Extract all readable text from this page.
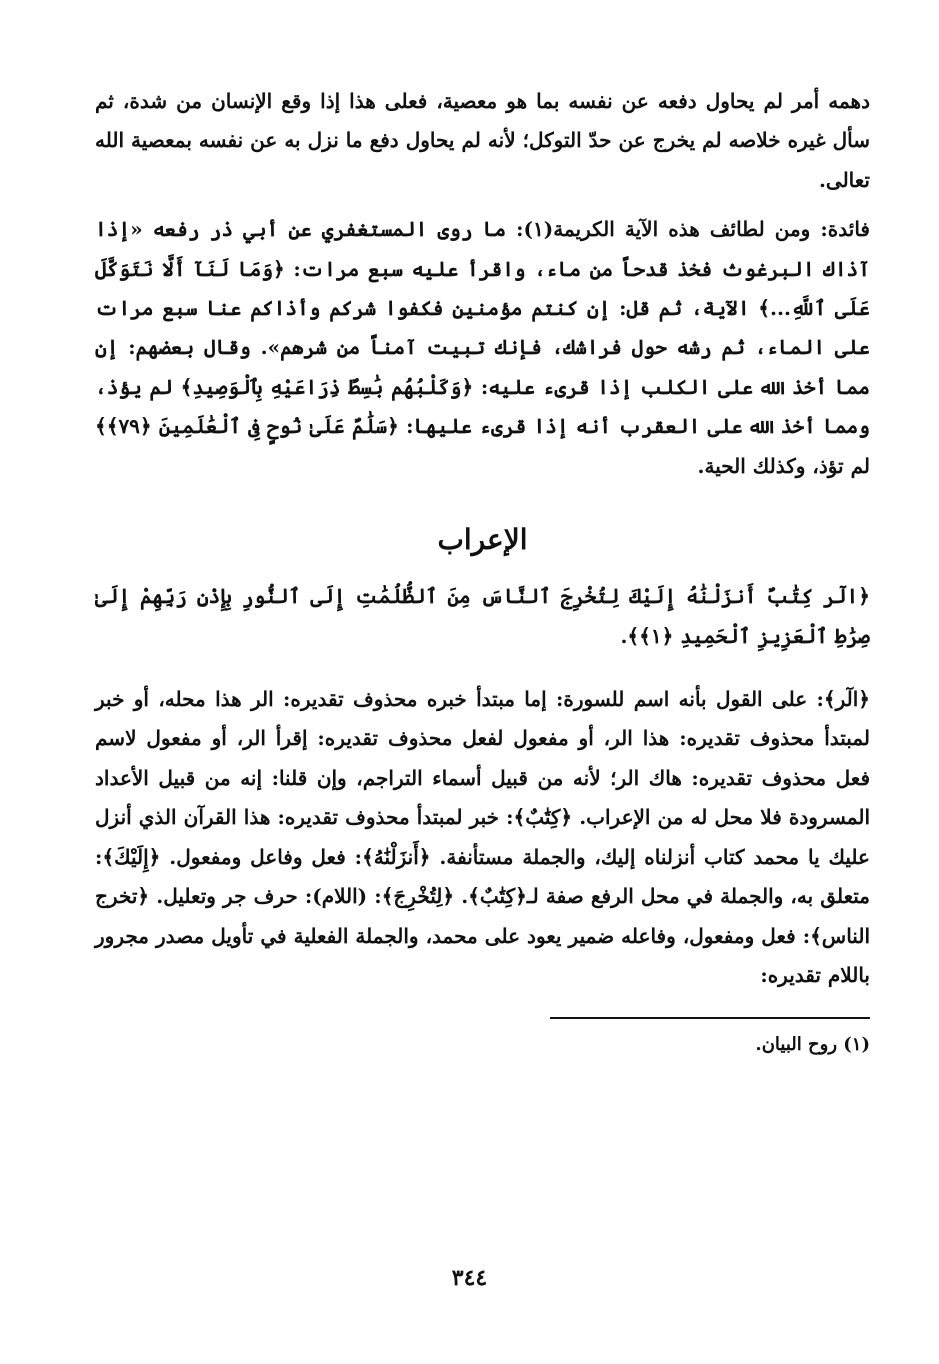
دهمه أمر لم يحاول دفعه عن نفسه بما هو معصية، فعلى هذا إذا وقع الإنسان من شدة، ثم سأل غيره خلاصه لم يخرج عن حدّ التوكل؛ لأنه لم يحاول دفع ما نزل به عن نفسه بمعصية الله تعالى.

فائدة: ومن لطائف هذه الآية الكريمة(١): ما روى المستغفري عن أبي ذر رفعه «إذا آذاك البرغوث فخذ قدحاً من ماء، واقرأ عليه سبع مرات: ﴿وَمَا لَنَآ أَلَّا نَتَوَكَّلَ عَلَى ٱللَّهِ...﴾ الآية، ثم قل: إن كنتم مؤمنين فكفوا شركم وأذاكم عنا سبع مرات على الماء، ثم رشه حول فراشك، فإنك تبيت آمناً من شرهم». وقال بعضهم: إن مما أخذ الله على الكلب إذا قرىء عليه: ﴿وَكَلْبُهُم بَٰسِطٌ ذِرَاعَيْهِ بِٱلْوَصِيدِ﴾ لم يؤذ، ومما أخذ الله على العقرب أنه إذا قرىء عليها: ﴿سَلَٰمٌ عَلَىٰ نُوحٍ فِى ٱلْعَٰلَمِينَ ﴿٧٩﴾﴾ لم تؤذ، وكذلك الحية.

الإعراب

﴿الٓر كِتَٰبٌ أَنزَلْنَٰهُ إِلَيْكَ لِتُخْرِجَ ٱلنَّاسَ مِنَ ٱلظُّلُمَٰتِ إِلَى ٱلنُّورِ بِإِذْنِ رَبِّهِمْ إِلَىٰ صِرَٰطِ ٱلْعَزِيزِ ٱلْحَمِيدِ ﴿١﴾﴾.

﴿الٓر﴾: على القول بأنه اسم للسورة: إما مبتدأ خبره محذوف تقديره: الر هذا محله، أو خبر لمبتدأ محذوف تقديره: هذا الر، أو مفعول لفعل محذوف تقديره: إقرأ الر، أو مفعول لاسم فعل محذوف تقديره: هاك الر؛ لأنه من قبيل أسماء التراجم، وإن قلنا: إنه من قبيل الأعداد المسرودة فلا محل له من الإعراب. ﴿كِتَٰبٌ﴾: خبر لمبتدأ محذوف تقديره: هذا القرآن الذي أنزل عليك يا محمد كتاب أنزلناه إليك، والجملة مستأنفة. ﴿أَنزَلْنَٰهُ﴾: فعل وفاعل ومفعول. ﴿إِلَيْكَ﴾: متعلق به، والجملة في محل الرفع صفة لـ﴿كِتَٰبٌ﴾. ﴿لِتُخْرِجَ﴾: (اللام): حرف جر وتعليل. ﴿تخرج الناس﴾: فعل ومفعول، وفاعله ضمير يعود على محمد، والجملة الفعلية في تأويل مصدر مجرور باللام تقديره:

(١) روح البيان.

٣٤٤
